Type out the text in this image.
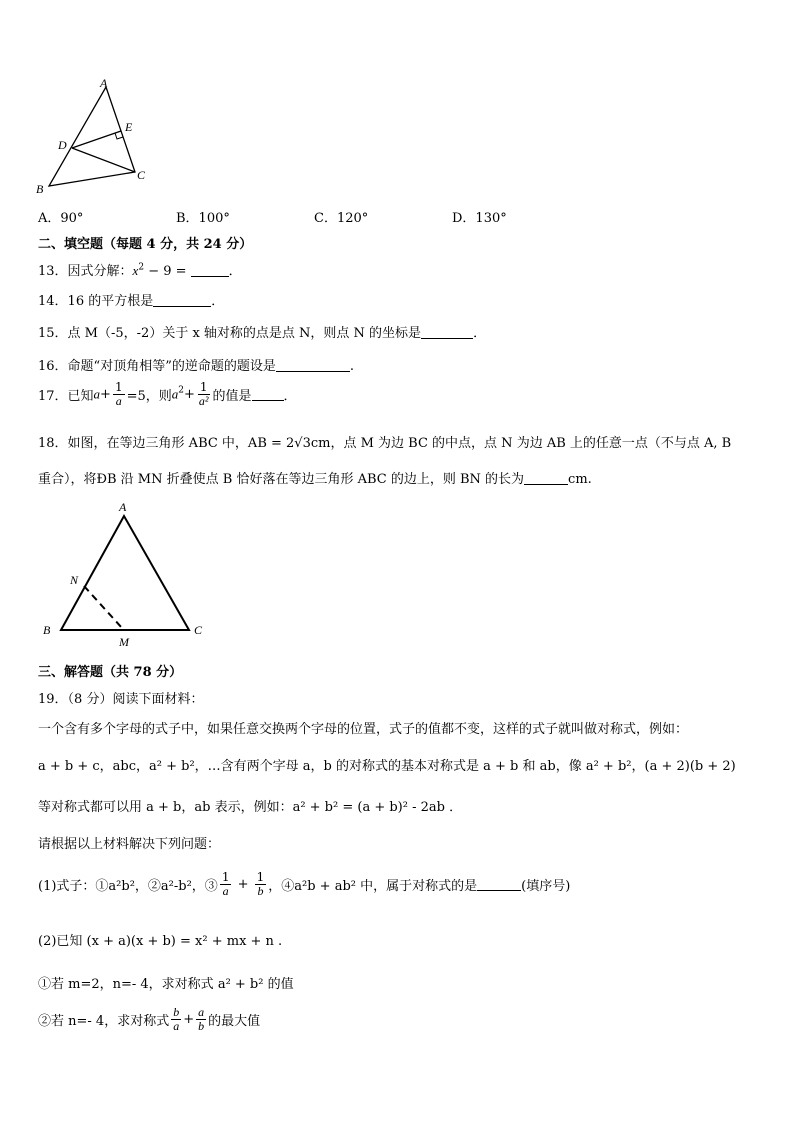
A
B
C
D
E
A．90°	B．100°	C．120°	D．130°
二、填空题（每题 4 分，共 24 分）
13．因式分解：$x^2 - 9$ =	．
14．16 的平方根是	．
15．点 M（-5，-2）关于 x 轴对称的点是点 N，则点 N 的坐标是	．
16．命题“对顶角相等”的逆命题的题设是	.
17．已知$a+ \frac{1}{a} =5$，则$a^2+ \frac{1}{\text{a²}}$ 的值是 ．
18．如图，在等边三角形 ABC 中，AB = 2√3cm，点 M 为边 BC 的中点，点 N 为边 AB 上的任意一点（不与点 A, B
重合），将ÐB 沿 MN 折叠使点 B 恰好落在等边三角形 ABC 的边上，则 BN 的长为	cm.
A
N
B
M
C
三、解答题（共 78 分）
19．（8 分）阅读下面材料：
一个含有多个字母的式子中，如果任意交换两个字母的位置，式子的值都不变，这样的式子就叫做对称式，例如：
a + b + c，abc，a² + b²，…含有两个字母 a，b 的对称式的基本对称式是 a + b 和 ab，像 a² + b²，(a + 2)(b + 2)
等对称式都可以用 a + b，ab 表示，例如：a² + b² = (a + b)² - 2ab ．
请根据以上材料解决下列问题：
(1)式子：①a²b²，②a²-b²，③ $\frac{1}{a} + \frac{1}{b}$ ，④a²b + ab² 中，属于对称式的是	(填序号)
(2)已知 (x + a)(x + b) = x² + mx + n .
①若 m=2，n=- 4，求对称式 a² + b² 的值
②若 n=- 4，求对称式 $\frac{b}{a} + \frac{a}{b}$ 的最大值
